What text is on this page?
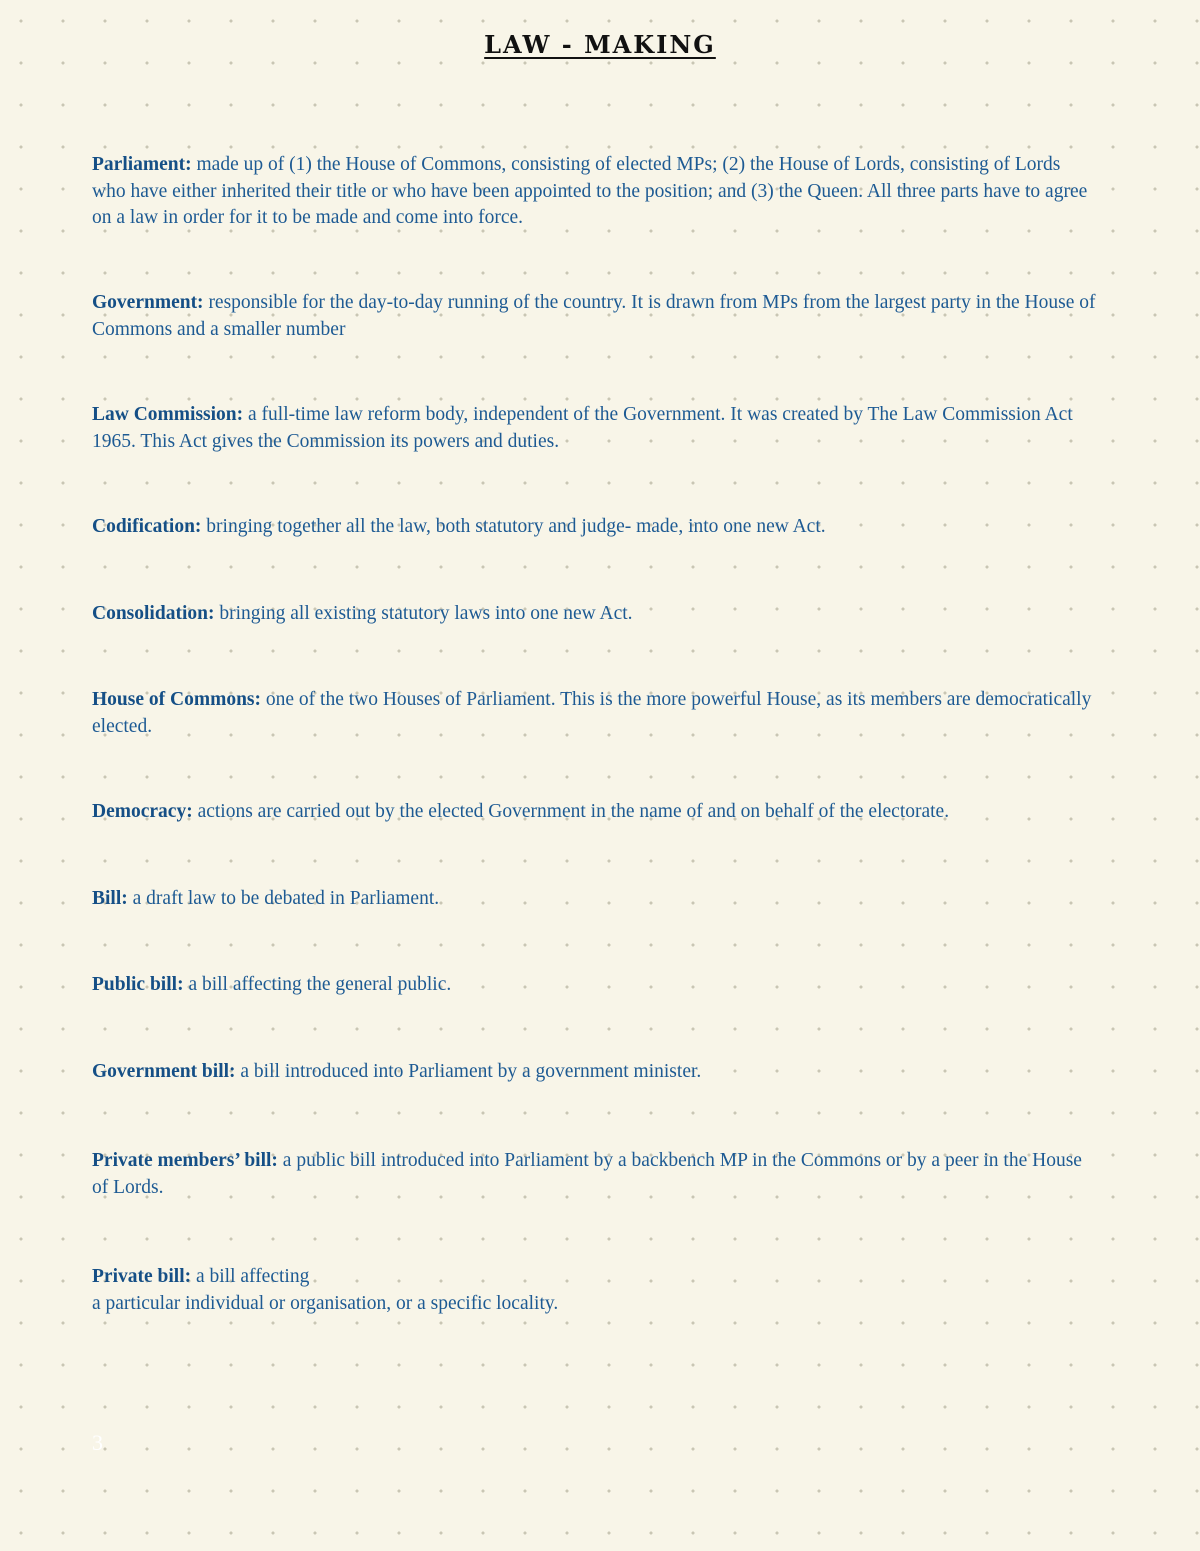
LAW - MAKING

Parliament: made up of (1) the House of Commons, consisting of elected MPs; (2) the House of Lords, consisting of Lords who have either inherited their title or who have been appointed to the position; and (3) the Queen. All three parts have to agree on a law in order for it to be made and come into force.

Government: responsible for the day-to-day running of the country. It is drawn from MPs from the largest party in the House of Commons and a smaller number

Law Commission: a full-time law reform body, independent of the Government. It was created by The Law Commission Act 1965. This Act gives the Commission its powers and duties.

Codification: bringing together all the law, both statutory and judge- made, into one new Act.

Consolidation: bringing all existing statutory laws into one new Act.

House of Commons: one of the two Houses of Parliament. This is the more powerful House, as its members are democratically elected.

Democracy: actions are carried out by the elected Government in the name of and on behalf of the electorate.

Bill: a draft law to be debated in Parliament.

Public bill: a bill affecting the general public.

Government bill: a bill introduced into Parliament by a government minister.

Private members’ bill: a public bill introduced into Parliament by a backbench MP in the Commons or by a peer in the House of Lords.

Private bill: a bill affecting
a particular individual or organisation, or a specific locality.

3
